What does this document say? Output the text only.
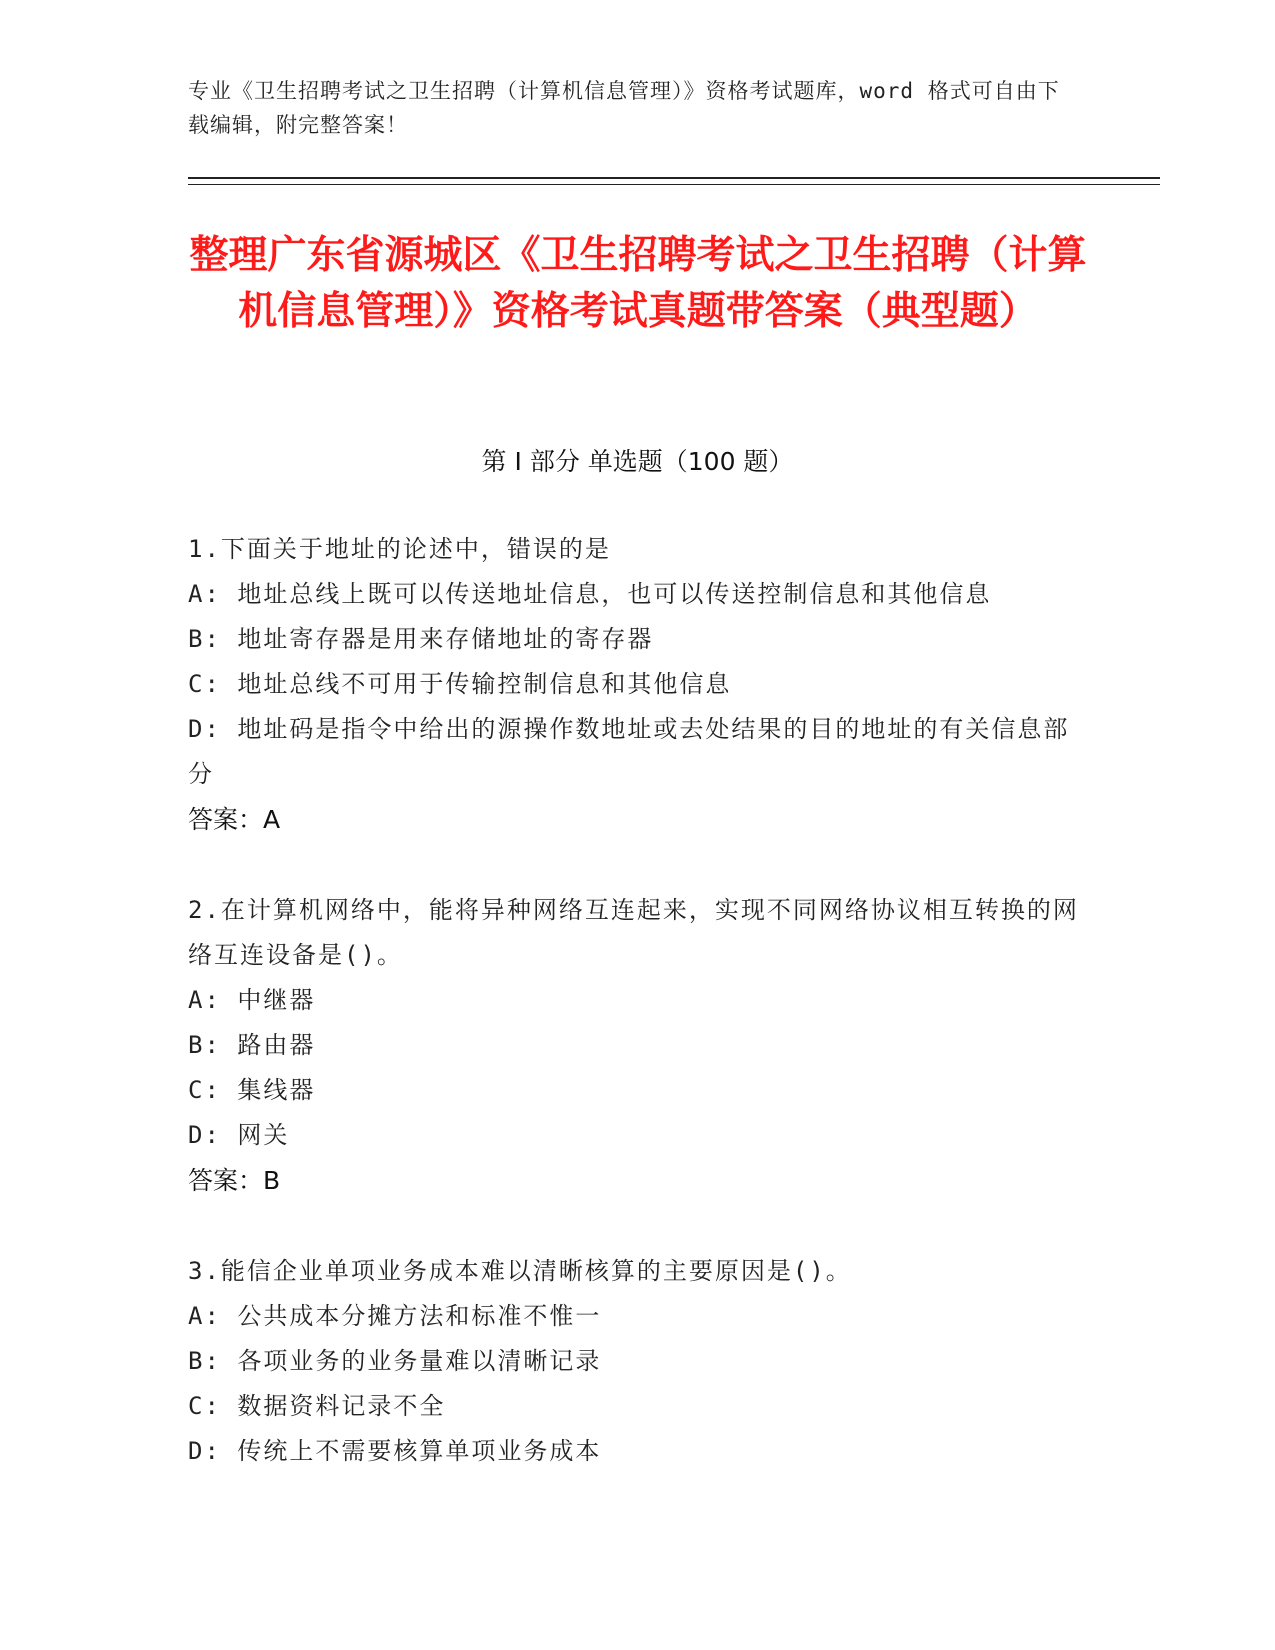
专业《卫生招聘考试之卫生招聘（计算机信息管理）》资格考试题库，word 格式可自由下载编辑，附完整答案！
整理广东省源城区《卫生招聘考试之卫生招聘（计算机信息管理）》资格考试真题带答案（典型题）
第 I 部分 单选题（100 题）
1.下面关于地址的论述中，错误的是
A: 地址总线上既可以传送地址信息，也可以传送控制信息和其他信息
B: 地址寄存器是用来存储地址的寄存器
C: 地址总线不可用于传输控制信息和其他信息
D: 地址码是指令中给出的源操作数地址或去处结果的目的地址的有关信息部分
答案：A
2.在计算机网络中，能将异种网络互连起来，实现不同网络协议相互转换的网络互连设备是()。
A: 中继器
B: 路由器
C: 集线器
D: 网关
答案：B
3.能信企业单项业务成本难以清晰核算的主要原因是()。
A: 公共成本分摊方法和标准不惟一
B: 各项业务的业务量难以清晰记录
C: 数据资料记录不全
D: 传统上不需要核算单项业务成本
